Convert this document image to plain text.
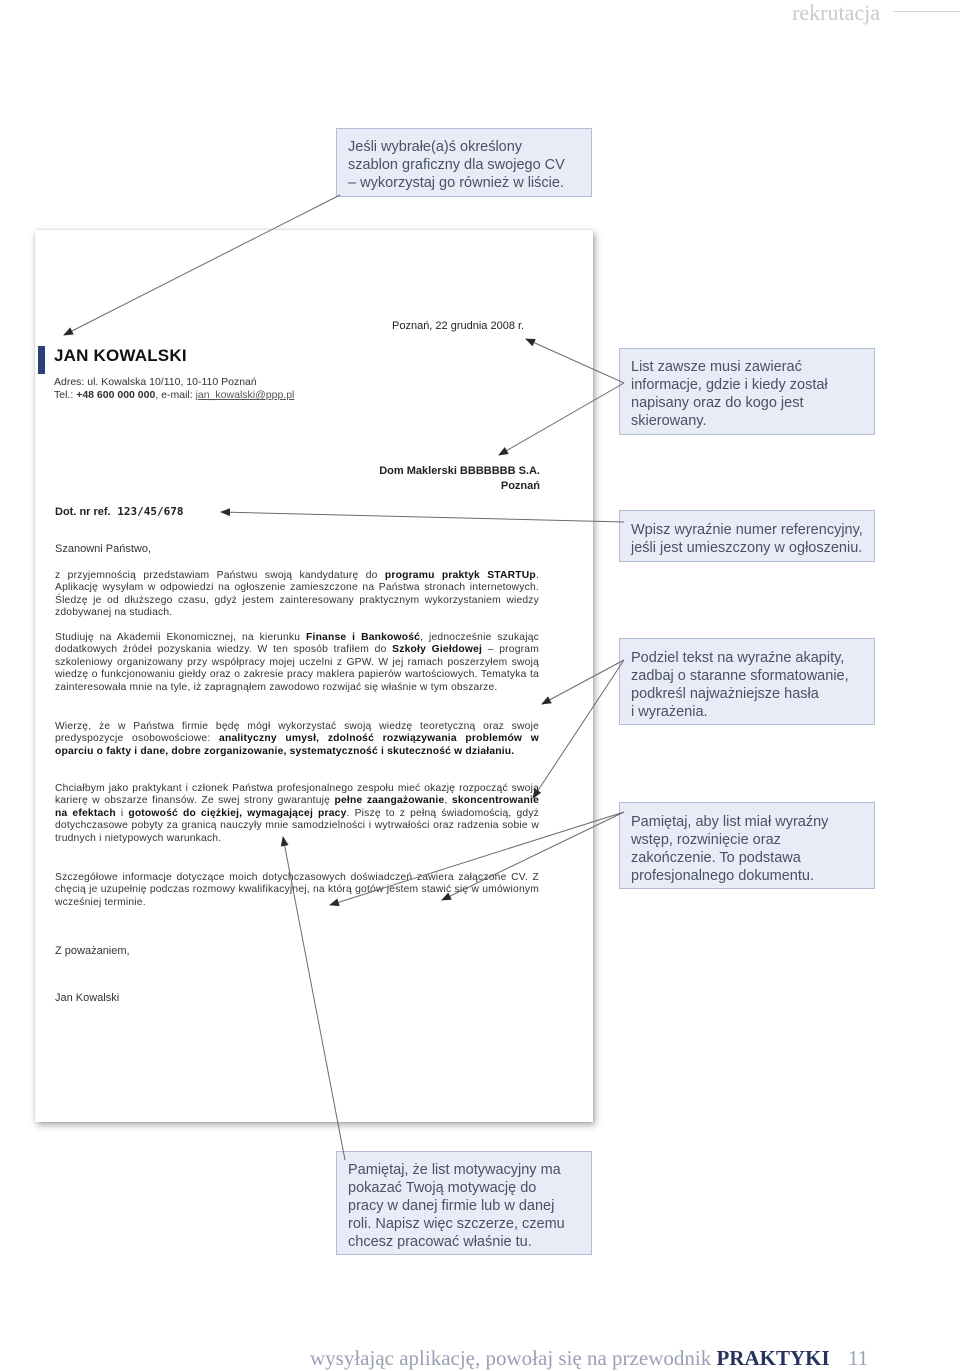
rekrutacja
Jeśli wybrałe(a)ś określony
szablon graficzny dla swojego CV
– wykorzystaj go również w liście.
List zawsze musi zawierać
informacje, gdzie i kiedy został
napisany oraz do kogo jest
skierowany.
Wpisz wyraźnie numer referencyjny,
jeśli jest umieszczony w ogłoszeniu.
Podziel tekst na wyraźne akapity,
zadbaj o staranne sformatowanie,
podkreśl najważniejsze hasła
i wyrażenia.
Pamiętaj, aby list miał wyraźny
wstęp, rozwinięcie oraz
zakończenie. To podstawa
profesjonalnego dokumentu.
JAN KOWALSKI
Adres: ul. Kowalska 10/110, 10-110 Poznań
Tel.: +48 600 000 000, e-mail: jan_kowalski@ppp.pl
Poznań, 22 grudnia 2008 r.
Dom Maklerski BBBBBBB S.A.
Poznań
Dot. nr ref. 123/45/678
Szanowni Państwo,
z przyjemnością przedstawiam Państwu swoją kandydaturę do programu praktyk STARTUp. Aplikację wysyłam w odpowiedzi na ogłoszenie zamieszczone na Państwa stronach internetowych. Śledzę je od dłuższego czasu, gdyż jestem zainteresowany praktycznym wykorzystaniem wiedzy zdobywanej na studiach.
Studiuję na Akademii Ekonomicznej, na kierunku Finanse i Bankowość, jednocześnie szukając dodatkowych źródeł pozyskania wiedzy. W ten sposób trafiłem do Szkoły Giełdowej – program szkoleniowy organizowany przy współpracy mojej uczelni z GPW. W jej ramach poszerzyłem swoją wiedzę o funkcjonowaniu giełdy oraz o zakresie pracy maklera papierów wartościowych. Tematyka ta zainteresowała mnie na tyle, iż zapragnąłem zawodowo rozwijać się właśnie w tym obszarze.
Wierzę, że w Państwa firmie będę mógł wykorzystać swoją wiedzę teoretyczną oraz swoje predyspozycje osobowościowe: analityczny umysł, zdolność rozwiązywania problemów w oparciu o fakty i dane, dobre zorganizowanie, systematyczność i skuteczność w działaniu.
Chciałbym jako praktykant i członek Państwa profesjonalnego zespołu mieć okazję rozpocząć swoją karierę w obszarze finansów. Ze swej strony gwarantuję pełne zaangażowanie, skoncentrowanie na efektach i gotowość do ciężkiej, wymagającej pracy. Piszę to z pełną świadomością, gdyż dotychczasowe pobyty za granicą nauczyły mnie samodzielności i wytrwałości oraz radzenia sobie w trudnych i nietypowych warunkach.
Szczegółowe informacje dotyczące moich dotychczasowych doświadczeń zawiera załączone CV. Z chęcią je uzupełnię podczas rozmowy kwalifikacyjnej, na którą gotów jestem stawić się w umówionym wcześniej terminie.
Z poważaniem,
Jan Kowalski
Pamiętaj, że list motywacyjny ma
pokazać Twoją motywację do
pracy w danej firmie lub w danej
roli. Napisz więc szczerze, czemu
chcesz pracować właśnie tu.
wysyłając aplikację, powołaj się na przewodnik PRAKTYKI 11
